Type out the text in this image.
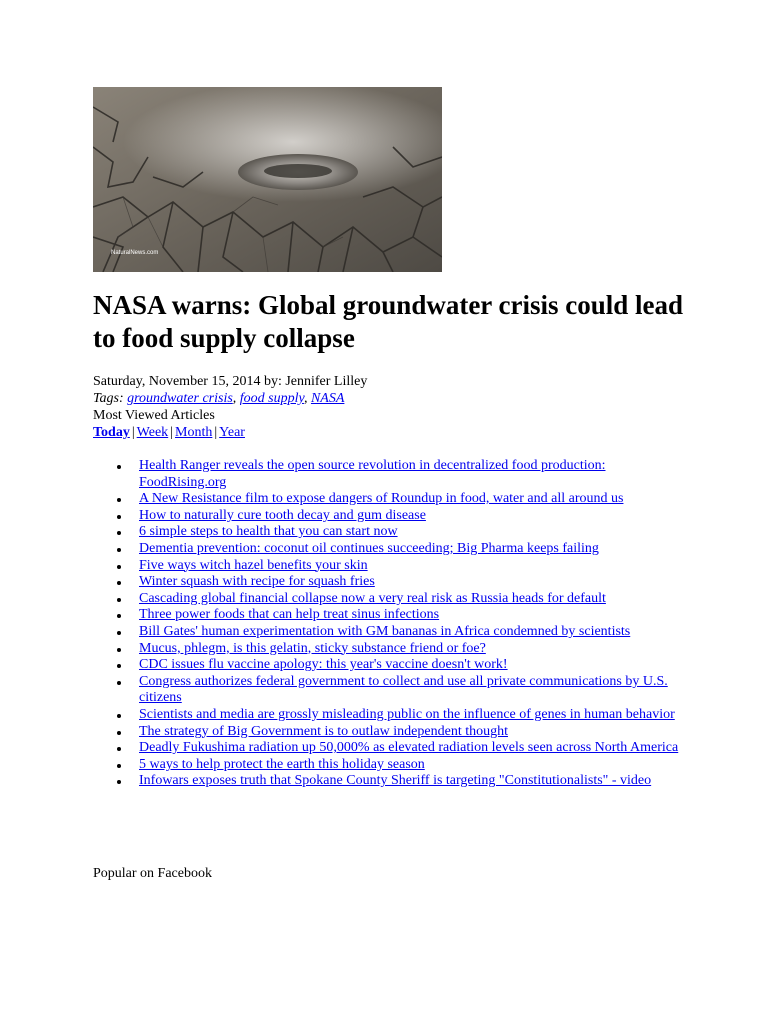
NaturalNews.com
NASA warns: Global groundwater crisis could lead to food supply collapse
Saturday, November 15, 2014 by: Jennifer Lilley
Tags: groundwater crisis, food supply, NASA
Most Viewed Articles
Today | Week | Month | Year
Health Ranger reveals the open source revolution in decentralized food production: FoodRising.org
A New Resistance film to expose dangers of Roundup in food, water and all around us
How to naturally cure tooth decay and gum disease
6 simple steps to health that you can start now
Dementia prevention: coconut oil continues succeeding; Big Pharma keeps failing
Five ways witch hazel benefits your skin
Winter squash with recipe for squash fries
Cascading global financial collapse now a very real risk as Russia heads for default
Three power foods that can help treat sinus infections
Bill Gates' human experimentation with GM bananas in Africa condemned by scientists
Mucus, phlegm, is this gelatin, sticky substance friend or foe?
CDC issues flu vaccine apology: this year's vaccine doesn't work!
Congress authorizes federal government to collect and use all private communications by U.S. citizens
Scientists and media are grossly misleading public on the influence of genes in human behavior
The strategy of Big Government is to outlaw independent thought
Deadly Fukushima radiation up 50,000% as elevated radiation levels seen across North America
5 ways to help protect the earth this holiday season
Infowars exposes truth that Spokane County Sheriff is targeting "Constitutionalists" - video
Popular on Facebook
